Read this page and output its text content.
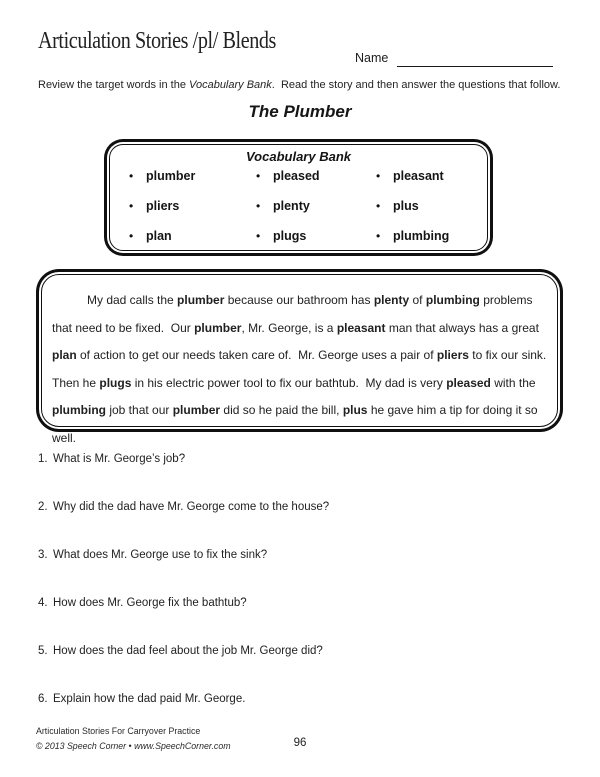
Articulation Stories /pl/ Blends
Name
Review the target words in the Vocabulary Bank.  Read the story and then answer the questions that follow.
The Plumber
Vocabulary Bank
•	plumber
•	pliers
•	plan
•	pleased
•	plenty
•	plugs
•	pleasant
•	plus
•	plumbing
My dad calls the plumber because our bathroom has plenty of plumbing problems that need to be fixed.  Our plumber, Mr. George, is a pleasant man that always has a great plan of action to get our needs taken care of.  Mr. George uses a pair of pliers to fix our sink.  Then he plugs in his electric power tool to fix our bathtub.  My dad is very pleased with the plumbing job that our plumber did so he paid the bill, plus he gave him a tip for doing it so well.
1. What is Mr. George’s job?
2. Why did the dad have Mr. George come to the house?
3. What does Mr. George use to fix the sink?
4. How does Mr. George fix the bathtub?
5. How does the dad feel about the job Mr. George did?
6. Explain how the dad paid Mr. George.
Articulation Stories For Carryover Practice
© 2013 Speech Corner • www.SpeechCorner.com	96
